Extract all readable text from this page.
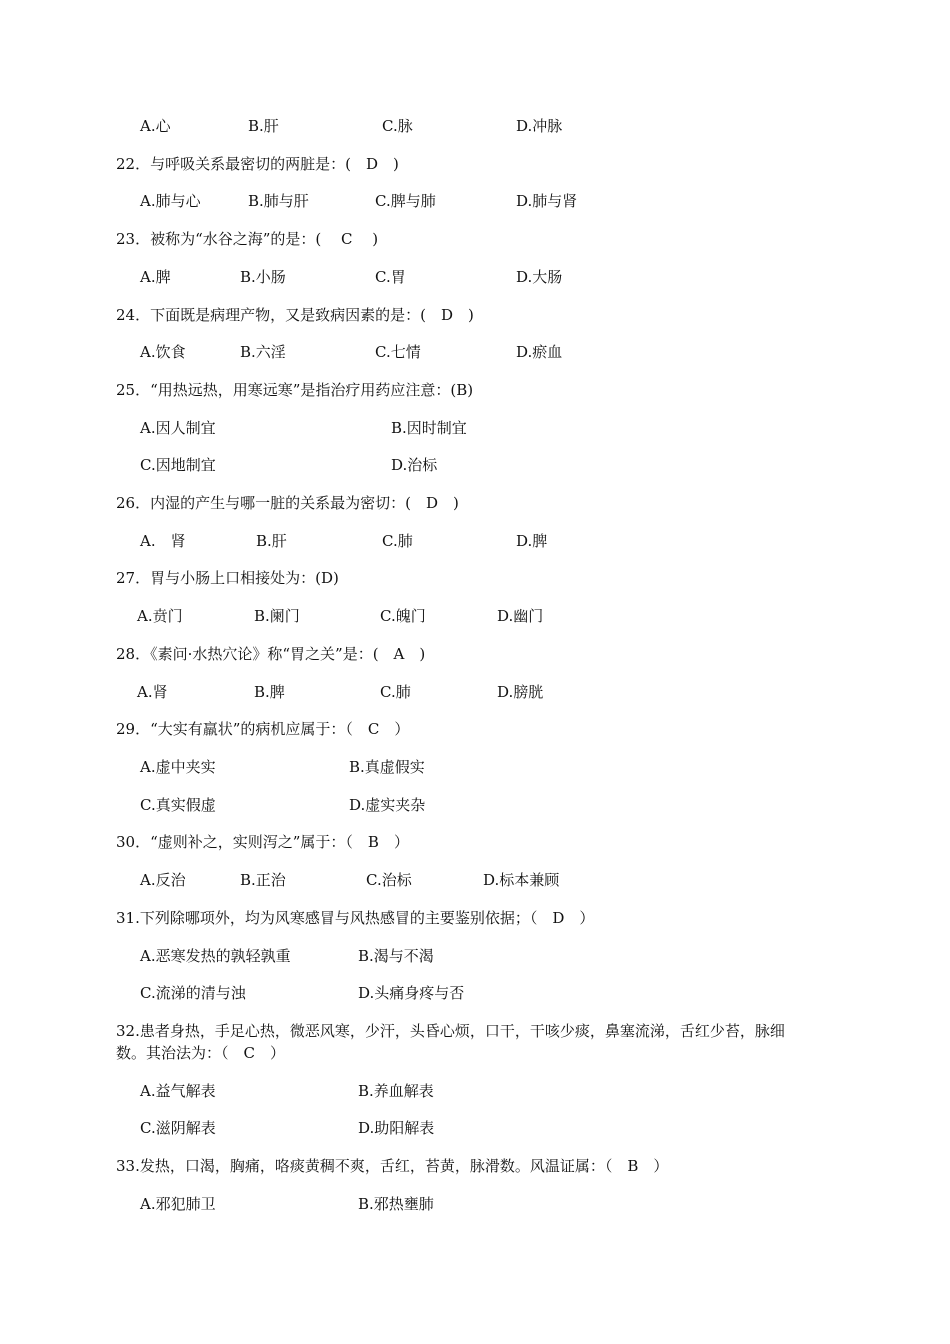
A.心	B.肝	C.脉	D.冲脉
22．与呼吸关系最密切的两脏是：(　D　)
A.肺与心	B.肺与肝	C.脾与肺	D.肺与肾
23．被称为“水谷之海”的是：(　 C　 )
A.脾	B.小肠	C.胃	D.大肠
24．下面既是病理产物，又是致病因素的是：(　D　)
A.饮食	B.六淫	C.七情	D.瘀血
25．“用热远热，用寒远寒”是指治疗用药应注意：(B)
A.因人制宜	B.因时制宜
C.因地制宜	D.治标
26．内湿的产生与哪一脏的关系最为密切：(　D　)
A.　肾	B.肝	C.肺	D.脾
27．胃与小肠上口相接处为：(D)
A.贲门	B.阑门	C.魄门	D.幽门
28．《素问·水热穴论》称“胃之关”是：(　A　)
A.肾	B.脾	C.肺	D.膀胱
29．“大实有羸状”的病机应属于：（　C　）
A.虚中夹实	B.真虚假实
C.真实假虚	D.虚实夹杂
30．“虚则补之，实则泻之”属于：（　B　）
A.反治	B.正治	C.治标	D.标本兼顾
31.下列除哪项外，均为风寒感冒与风热感冒的主要鉴别依据；（　D　）
A.恶寒发热的孰轻孰重	B.渴与不渴
C.流涕的清与浊	D.头痛身疼与否
32.患者身热，手足心热，微恶风寒，少汗，头昏心烦，口干，干咳少痰，鼻塞流涕，舌红少苔，脉细
数。其治法为：（　C　）
A.益气解表	B.养血解表
C.滋阴解表	D.助阳解表
33.发热，口渴，胸痛，咯痰黄稠不爽，舌红，苔黄，脉滑数。风温证属：（　B　）
A.邪犯肺卫	B.邪热壅肺
